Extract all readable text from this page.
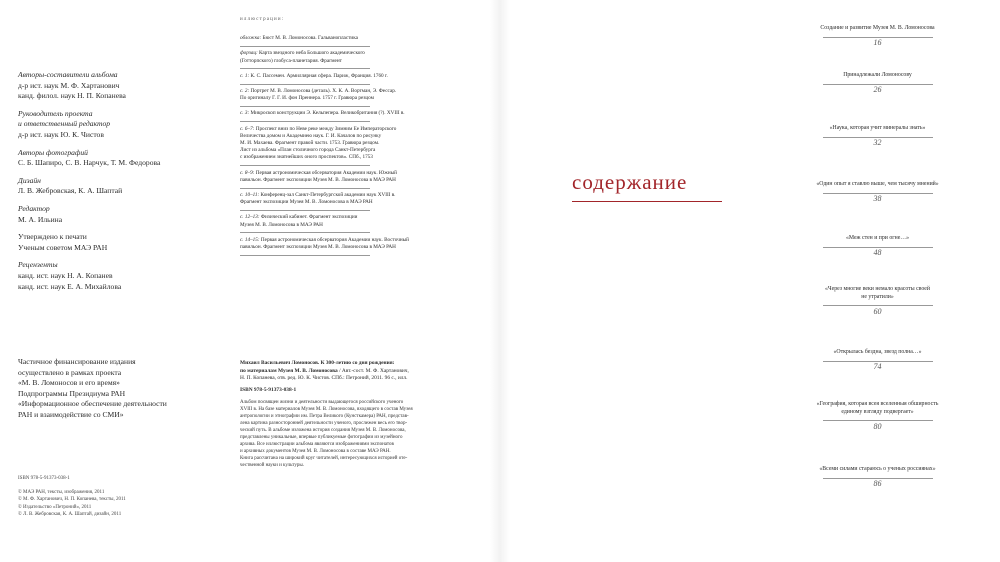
Авторы-составители альбома
д-р ист. наук М. Ф. Хартанович
канд. филол. наук Н. П. Копанева
Руководитель проекта
и ответственный редактор
д-р ист. наук Ю. К. Чистов
Авторы фотографий
С. Б. Шапиро, С. В. Нарчук, Т. М. Федорова
Дизайн
Л. В. Жебровская, К. А. Шаптай
Редактор
М. А. Ильина
Утверждено к печати
Ученым советом МАЭ РАН
Рецензенты
канд. ист. наук Н. А. Копанев
канд. ист. наук Е. А. Михайлова
Частичное финансирование издания
осуществлено в рамках проекта
«М. В. Ломоносов и его время»
Подпрограммы Президиума РАН
«Информационное обеспечение деятельности
РАН и взаимодействие со СМИ»
ISBN 978-5-91373-038-1
© МАЭ РАН, тексты, изображения, 2011
© М. Ф. Хартанович, Н. П. Копанева, тексты, 2011
© Издательство «Петроний», 2011
© Л. В. Жебровская, К. А. Шаптай, дизайн, 2011
иллюстрации:
обложка: Бюст М. В. Ломоносова. Гальванопластика
форзац: Карта звездного неба Большого академического
(Готторпского) глобуса-планетария. Фрагмент
с. 1: К. С. Пассемен. Армиллярная сфера. Париж, Франция. 1760 г.
с. 2: Портрет М. В. Ломоносова (деталь). Х. К. А. Вортман, Э. Фессар.
По оригиналу Г. Г. И. фон Преннера. 1757 г. Гравюра резцом
с. 3: Микроскоп конструкции Э. Кельпепера. Великобритания (?). XVIII в.
с. 6–7: Проспект вниз по Неве реке между Зимним Ее Императорского
Величества домом и Академиею наук. Г. И. Качалов по рисунку
М. И. Махаева. Фрагмент правой части. 1753. Гравюра резцом.
Лист из альбома «План столичного города Санкт-Петербурга
с изображением знатнейших оного проспектов». СПб., 1753
с. 8–9: Первая астрономическая обсерватория Академии наук. Южный
павильон. Фрагмент экспозиции Музея М. В. Ломоносова в МАЭ РАН
с. 10–11: Конференц-зал Санкт-Петербургской академии наук XVIII в.
Фрагмент экспозиции Музея М. В. Ломоносова в МАЭ РАН
с. 12–13: Физический кабинет. Фрагмент экспозиции
Музея М. В. Ломоносова в МАЭ РАН
с. 14–15: Первая астрономическая обсерватория Академии наук. Восточный
павильон. Фрагмент экспозиции Музея М. В. Ломоносова в МАЭ РАН
Михаил Васильевич Ломоносов. К 300-летию со дня рождения:
по материалам Музея М. В. Ломоносова / Авт.-сост. М. Ф. Хартанович,
Н. П. Копанева, отв. ред. Ю. К. Чистов. СПб.: Петроний, 2011. 96 с., илл.
ISBN 978-5-91373-038-1
Альбом посвящен жизни и деятельности выдающегося российского ученого
XVIII в. На базе материалов Музея М. В. Ломоносова, входящего в состав Музея
антропологии и этнографии им. Петра Великого (Кунсткамера) РАН, представ-
лена картина разносторонней деятельности ученого, прослежен весь его твор-
ческий путь. В альбоме изложена история создания Музея М. В. Ломоносова,
представлены уникальные, впервые публикуемые фотографии из музейного
архива. Все иллюстрации альбома являются изображениями экспонатов
и архивных документов Музея М. В. Ломоносова в составе МАЭ РАН.
Книга рассчитана на широкий круг читателей, интересующихся историей оте-
чественной науки и культуры.
содержание
Создание и развитие Музея М. В. Ломоносова
16
Принадлежали Ломоносову
26
«Наука, которая учит минералы знать»
32
«Один опыт я ставлю выше, чем тысячу мнений»
38
«Меж стен и при огне…»
48
«Через многие веки немало красоты своей
не утратили»
60
«Открылась бездна, звезд полна…»
74
«География, которая всея вселенныя обширность
единому взгляду подвергает»
80
«Всеми силами стараюсь о ученых россиянах»
86
